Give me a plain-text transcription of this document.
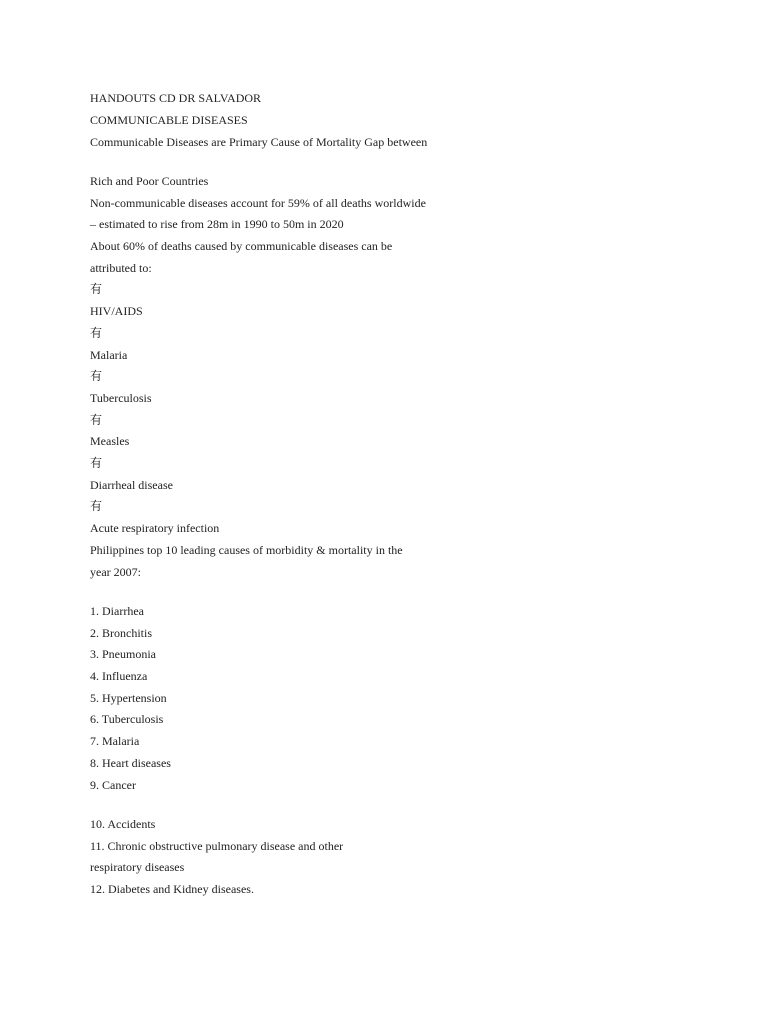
HANDOUTS CD DR SALVADOR
COMMUNICABLE DISEASES
Communicable Diseases are Primary Cause of Mortality Gap between
Rich and Poor Countries
Non-communicable diseases account for 59% of all deaths worldwide
– estimated to rise from 28m in 1990 to 50m in 2020
About 60% of deaths caused by communicable diseases can be
attributed to:
有
HIV/AIDS
有
Malaria
有
Tuberculosis
有
Measles
有
Diarrheal disease
有
Acute respiratory infection
Philippines top 10 leading causes of morbidity & mortality in the
year 2007:
1. Diarrhea
2. Bronchitis
3. Pneumonia
4. Influenza
5. Hypertension
6. Tuberculosis
7. Malaria
8. Heart diseases
9. Cancer
10. Accidents
11. Chronic obstructive pulmonary disease and other
respiratory diseases
12. Diabetes and Kidney diseases.
